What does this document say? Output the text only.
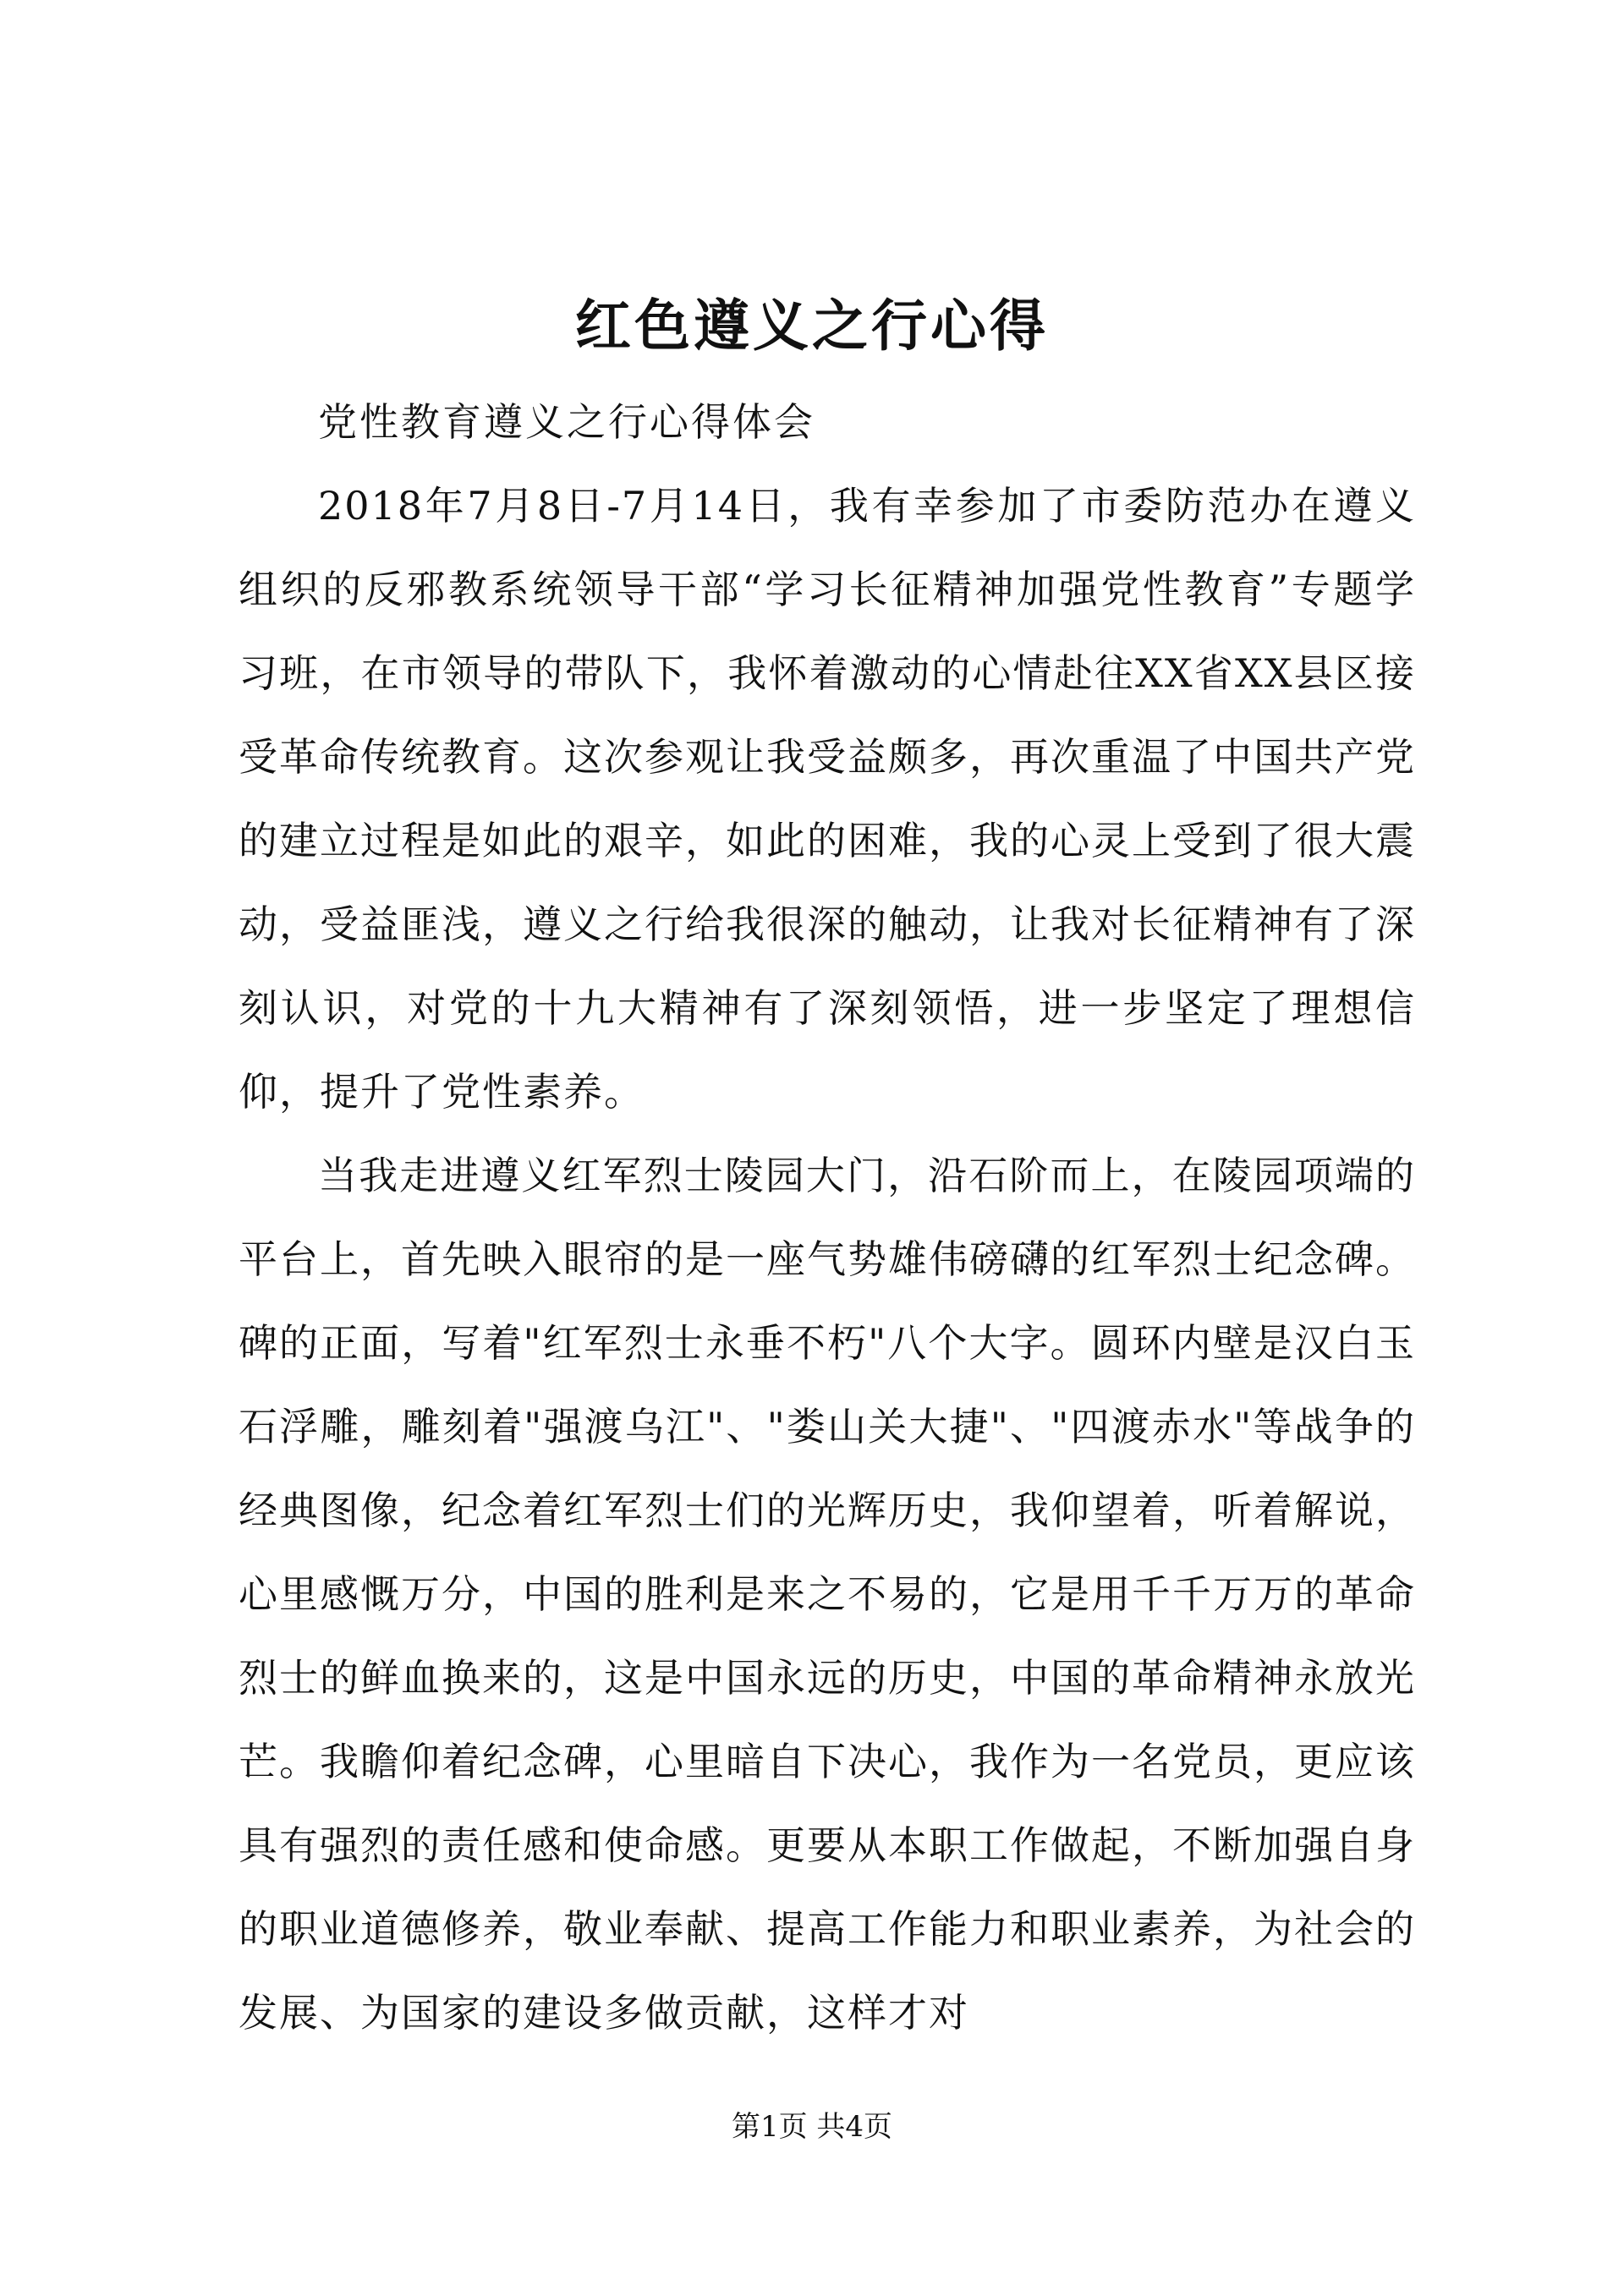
红色遵义之行心得

党性教育遵义之行心得体会

2018年7月8日-7月14日，我有幸参加了市委防范办在遵义组织的反邪教系统领导干部“学习长征精神加强党性教育”专题学习班，在市领导的带队下，我怀着激动的心情赴往XX省XX县区接受革命传统教育。这次参观让我受益颇多，再次重温了中国共产党的建立过程是如此的艰辛，如此的困难，我的心灵上受到了很大震动，受益匪浅，遵义之行给我很深的触动，让我对长征精神有了深刻认识，对党的十九大精神有了深刻领悟，进一步坚定了理想信仰，提升了党性素养。

当我走进遵义红军烈士陵园大门，沿石阶而上，在陵园项端的平台上，首先映入眼帘的是一座气势雄伟磅礴的红军烈士纪念碑。碑的正面，写着"红军烈士永垂不朽"八个大字。圆环内壁是汉白玉石浮雕，雕刻着"强渡乌江"、"娄山关大捷"、"四渡赤水"等战争的经典图像，纪念着红军烈士们的光辉历史，我仰望着，听着解说，心里感慨万分，中国的胜利是来之不易的，它是用千千万万的革命烈士的鲜血换来的，这是中国永远的历史，中国的革命精神永放光芒。我瞻仰着纪念碑，心里暗自下决心，我作为一名党员，更应该具有强烈的责任感和使命感。更要从本职工作做起，不断加强自身的职业道德修养，敬业奉献、提高工作能力和职业素养，为社会的发展、为国家的建设多做贡献，这样才对

第1页 共4页
